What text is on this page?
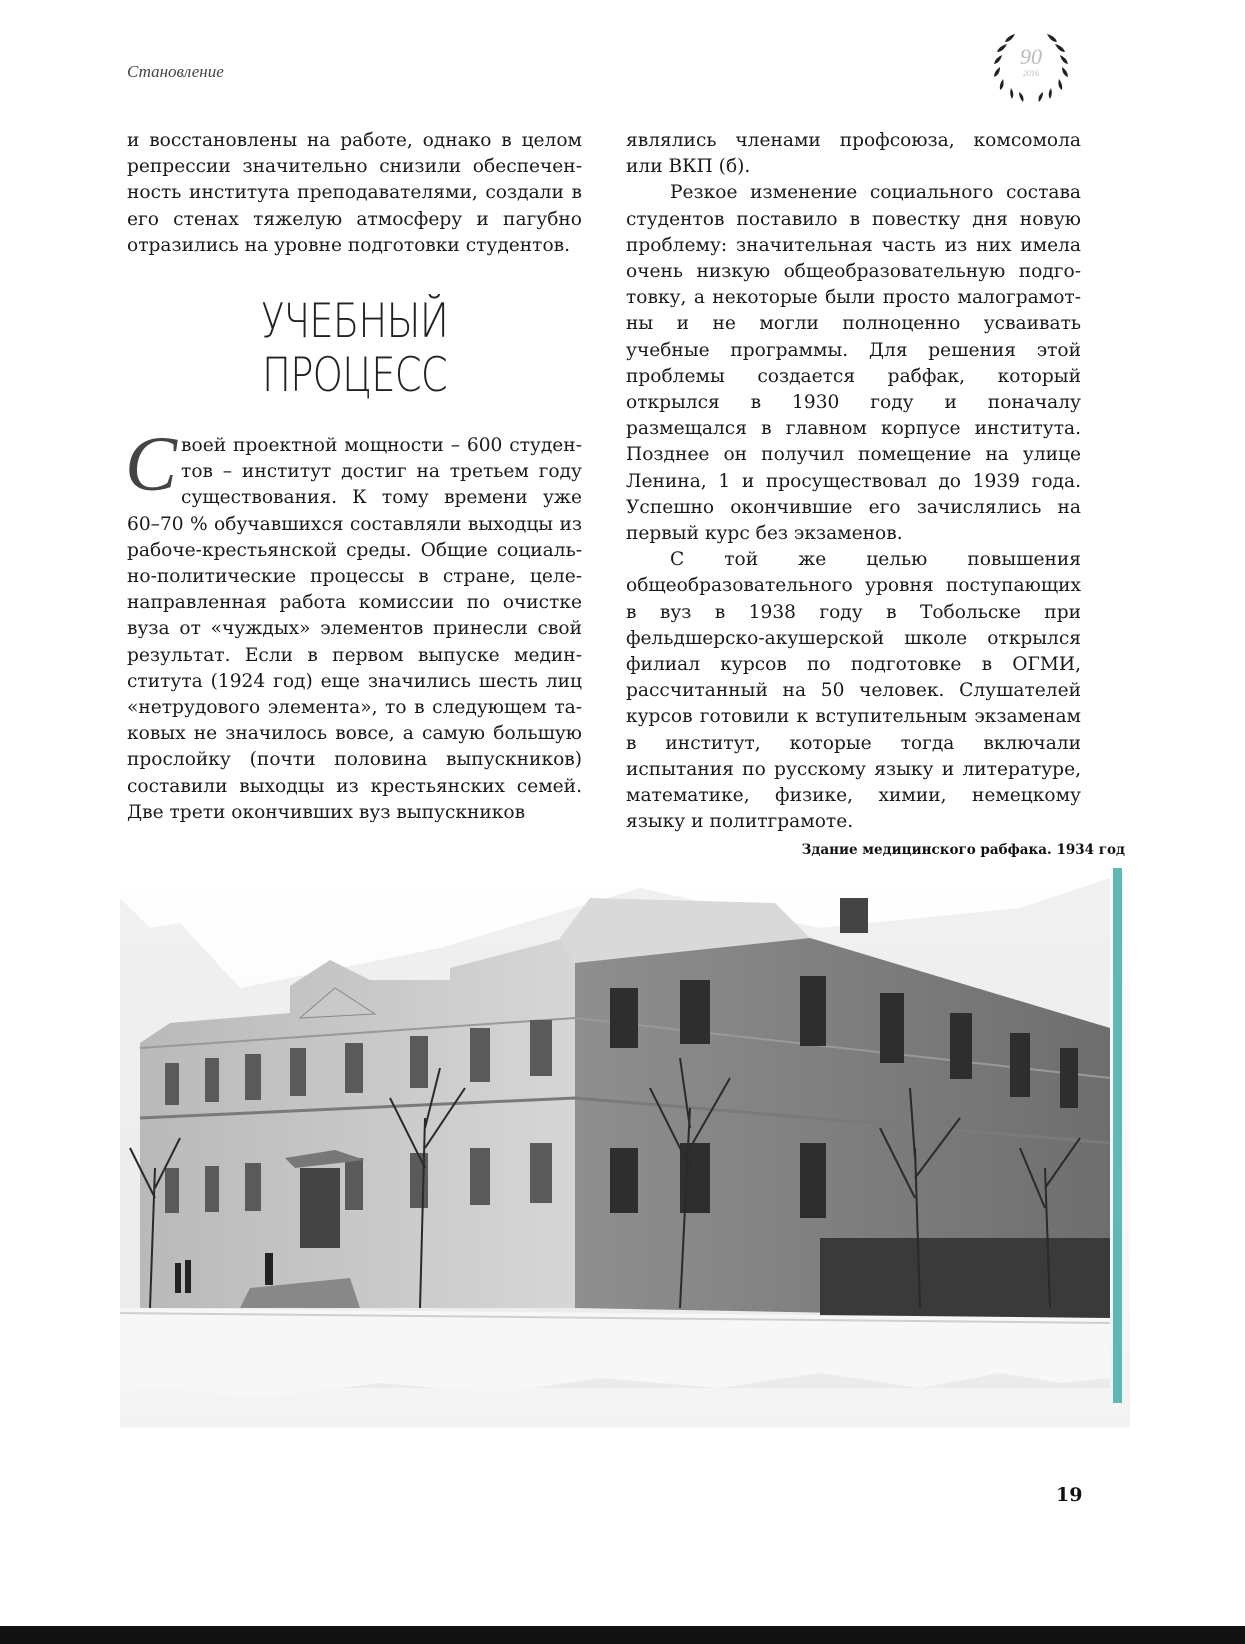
Становление
90
2016

и восстановлены на работе, однако в целом репрессии значительно снизили обеспеченность института преподавателями, создали в его стенах тяжелую атмосферу и пагубно отразились на уровне подготовки студентов.

УЧЕБНЫЙ ПРОЦЕСС

Своей проектной мощности – 600 студентов – институт достиг на третьем году существования. К тому времени уже 60–70 % обучавшихся составляли выходцы из рабоче-крестьянской среды. Общие социально-политические процессы в стране, целенаправленная работа комиссии по очистке вуза от «чуждых» элементов принесли свой результат. Если в первом выпуске мединститута (1924 год) еще значились шесть лиц «нетрудового элемента», то в следующем таковых не значилось вовсе, а самую большую прослойку (почти половина выпускников) составили выходцы из крестьянских семей. Две трети окончивших вуз выпускников

являлись членами профсоюза, комсомола или ВКП (б).

Резкое изменение социального состава студентов поставило в повестку дня новую проблему: значительная часть из них имела очень низкую общеобразовательную подготовку, а некоторые были просто малограмотны и не могли полноценно усваивать учебные программы. Для решения этой проблемы создается рабфак, который открылся в 1930 году и поначалу размещался в главном корпусе института. Позднее он получил помещение на улице Ленина, 1 и просуществовал до 1939 года. Успешно окончившие его зачислялись на первый курс без экзаменов.

С той же целью повышения общеобразовательного уровня поступающих в вуз в 1938 году в Тобольске при фельдшерско-акушерской школе открылся филиал курсов по подготовке в ОГМИ, рассчитанный на 50 человек. Слушателей курсов готовили к вступительным экзаменам в институт, которые тогда включали испытания по русскому языку и литературе, математике, физике, химии, немецкому языку и политграмоте.

Здание медицинского рабфака. 1934 год
19
